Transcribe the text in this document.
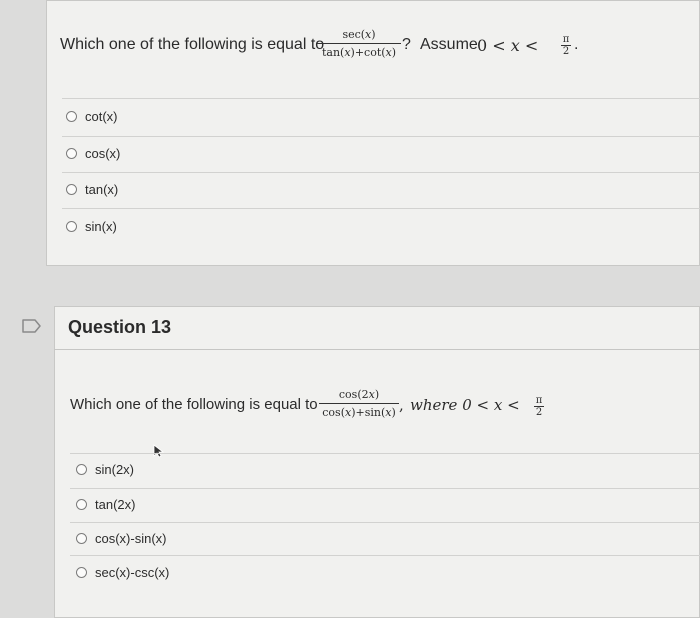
Which one of the following is equal to
sec(𝑥)
tan(𝑥)+cot(𝑥) ? Assume 0 < 𝑥 < $\frac{\pi}{2}$ .
cot(x)
cos(x)
tan(x)
sin(x)
Question 13
Which one of the following is equal to
cos(2𝑥)
cos(𝑥)+sin(𝑥) , where 0 < 𝑥 < $\frac{\pi}{2}$
sin(2x)
tan(2x)
cos(x)-sin(x)
sec(x)-csc(x)
